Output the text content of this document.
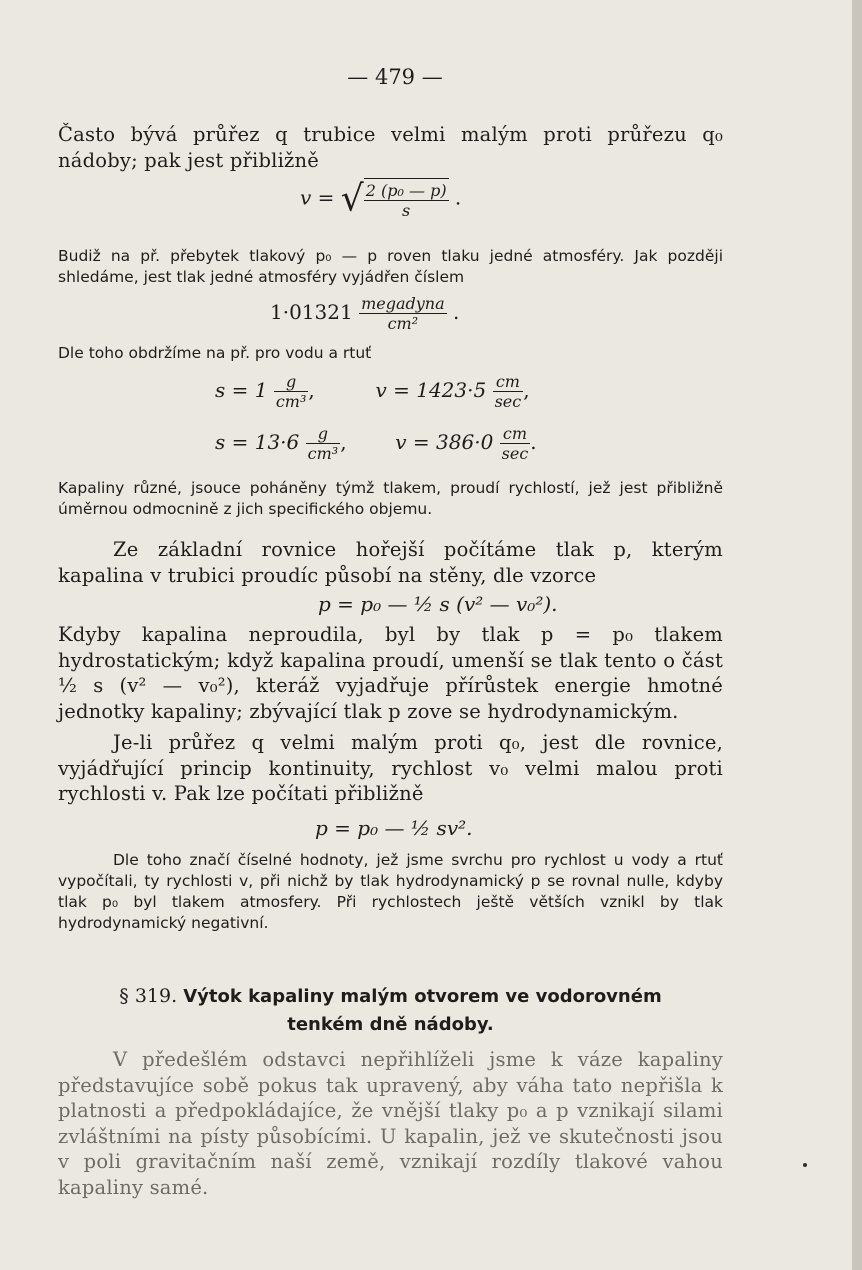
— 479 —

Často bývá průřez q trubice velmi malým proti průřezu q₀ nádoby; pak jest přibližně

v = √ $\frac{\text{2 (p₀ — p)}}{s}$ .

Budiž na př. přebytek tlakový p₀ — p roven tlaku jedné atmosféry. Jak později shledáme, jest tlak jedné atmosféry vyjádřen číslem

$1\cdot 01321 \frac{\text{megadyna}}{\text{cm²}}$ .

Dle toho obdržíme na př. pro vodu a rtuť

$s = 1 \frac{g}{\text{cm³}}$ ,	$v = 1423\cdot 5 \frac{cm}{\sec}$ ,
$s = 13\cdot 6 \frac{g}{\text{cm³}}$ ,  $v = 386\cdot 0 \frac{cm}{\sec}$ .

Kapaliny různé, jsouce poháněny týmž tlakem, proudí rychlostí, jež jest přibližně úměrnou odmocnině z jich specifického objemu.

Ze základní rovnice hořejší počítáme tlak p, kterým kapalina v trubici proudíc působí na stěny, dle vzorce

p = p₀ — ½ s (v² — v₀²).

Kdyby kapalina neproudila, byl by tlak p = p₀ tlakem hydrostatickým; když kapalina proudí, umenší se tlak tento o část ½ s (v² — v₀²), kteráž vyjadřuje přírůstek energie hmotné jednotky kapaliny; zbývající tlak p zove se hydrodynamickým.

Je-li průřez q velmi malým proti q₀, jest dle rovnice, vyjádřující princip kontinuity, rychlost v₀ velmi malou proti rychlosti v. Pak lze počítati přibližně

p = p₀ — ½ sv².

Dle toho značí číselné hodnoty, jež jsme svrchu pro rychlost u vody a rtuť vypočítali, ty rychlosti v, při nichž by tlak hydrodynamický p se rovnal nulle, kdyby tlak p₀ byl tlakem atmosfery. Při rychlostech ještě větších vznikl by tlak hydrodynamický negativní.

§ 319. Výtok kapaliny malým otvorem ve vodorovném
tenkém dně nádoby.

V předešlém odstavci nepřihlíželi jsme k váze kapaliny představujíce sobě pokus tak upravený, aby váha tato nepřišla k platnosti a předpokládajíce, že vnější tlaky p₀ a p vznikají silami zvláštními na písty působícími. U kapalin, jež ve skutečnosti jsou v poli gravitačním naší země, vznikají rozdíly tlakové vahou kapaliny samé.
